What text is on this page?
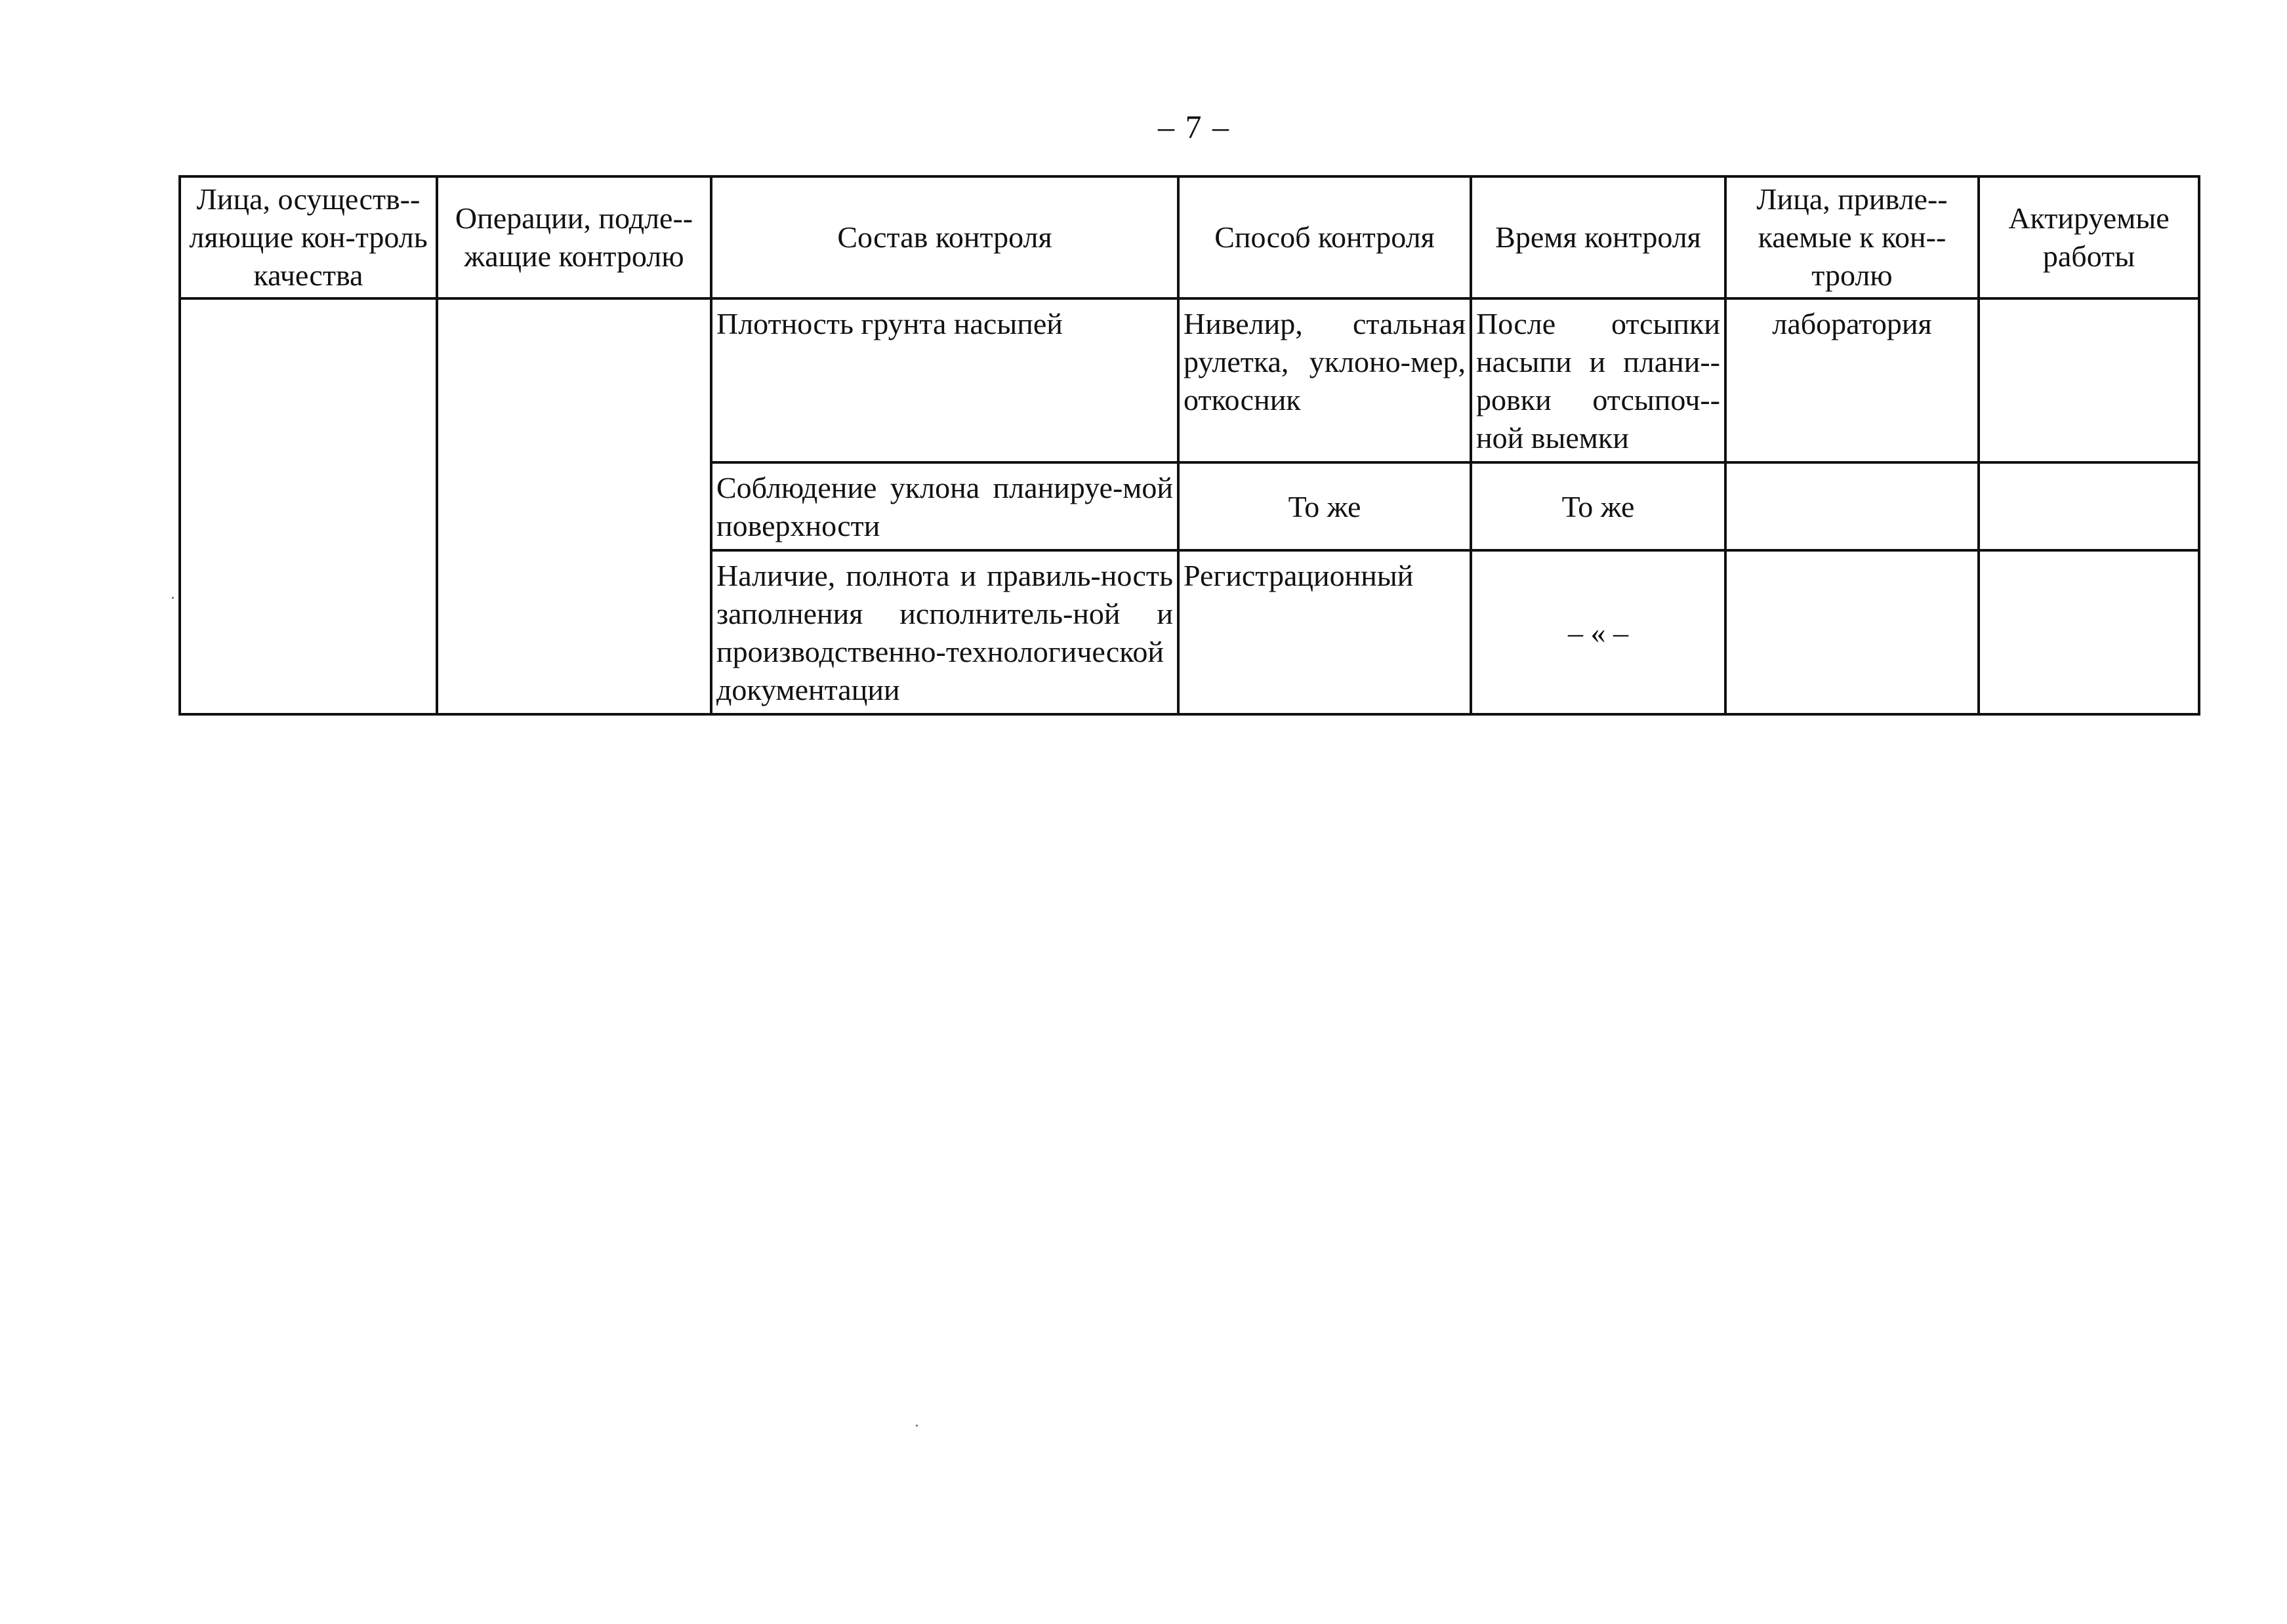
– 7 –
Лица, осуществ-ляющие кон-троль качества	Операции, подле-жащие контролю	Состав контроля	Способ контроля	Время контроля	Лица, привле-каемые к кон-тролю	Актируемые работы
		Плотность грунта насыпей	Нивелир, стальная рулетка, уклоно-мер, откосник	После отсыпки насыпи и плани-ровки отсыпоч-ной выемки	лаборатория	
		Соблюдение уклона планируе-мой поверхности	То же	То же		
		Наличие, полнота и правиль-ность заполнения исполнитель-ной и производственно-технологической документации	Регистрационный	– « –		
